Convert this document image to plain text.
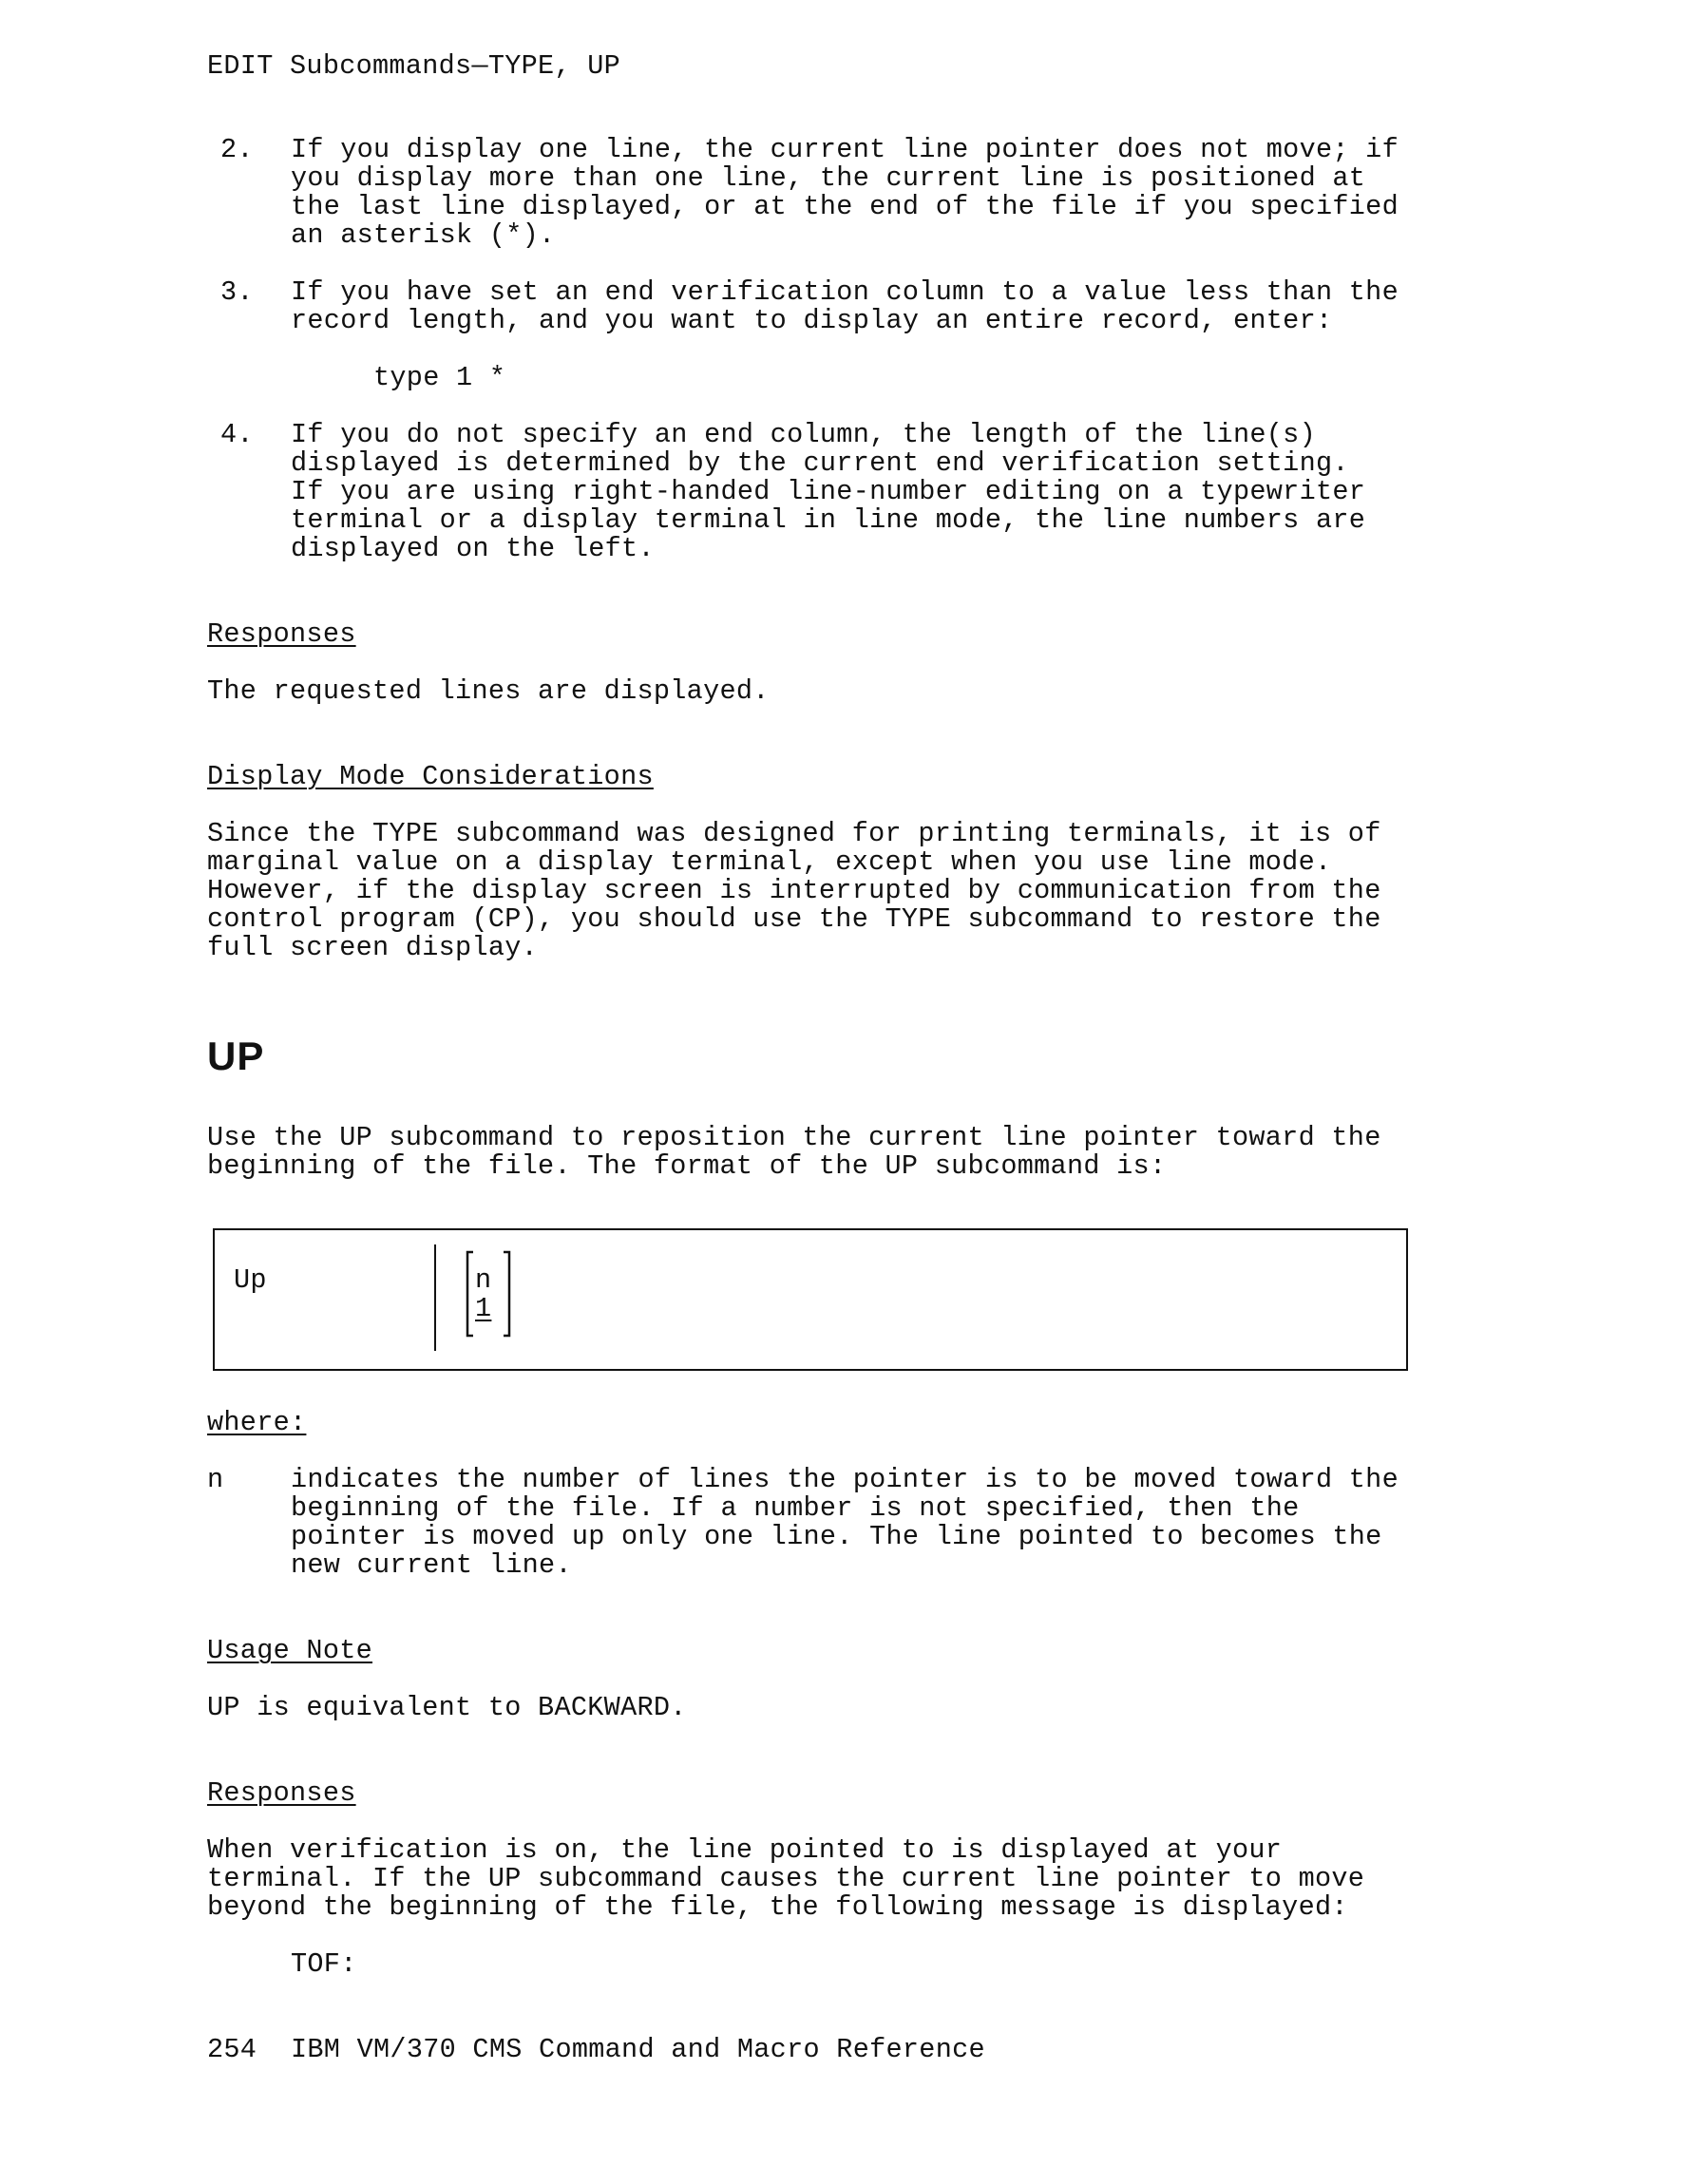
EDIT Subcommands—TYPE, UP
2. If you display one line, the current line pointer does not move; if
you display more than one line, the current line is positioned at
the last line displayed, or at the end of the file if you specified
an asterisk (*).
3. If you have set an end verification column to a value less than the
record length, and you want to display an entire record, enter:
type 1 *
4. If you do not specify an end column, the length of the line(s)
displayed is determined by the current end verification setting.
If you are using right-handed line-number editing on a typewriter
terminal or a display terminal in line mode, the line numbers are
displayed on the left.
Responses
The requested lines are displayed.
Display Mode Considerations
Since the TYPE subcommand was designed for printing terminals, it is of
marginal value on a display terminal, except when you use line mode.
However, if the display screen is interrupted by communication from the
control program (CP), you should use the TYPE subcommand to restore the
full screen display.
UP
Use the UP subcommand to reposition the current line pointer toward the
beginning of the file. The format of the UP subcommand is:
Up	n
1
where:
n indicates the number of lines the pointer is to be moved toward the
beginning of the file. If a number is not specified, then the
pointer is moved up only one line. The line pointed to becomes the
new current line.
Usage Note
UP is equivalent to BACKWARD.
Responses
When verification is on, the line pointed to is displayed at your
terminal. If the UP subcommand causes the current line pointer to move
beyond the beginning of the file, the following message is displayed:
TOF:
254 IBM VM/370 CMS Command and Macro Reference
